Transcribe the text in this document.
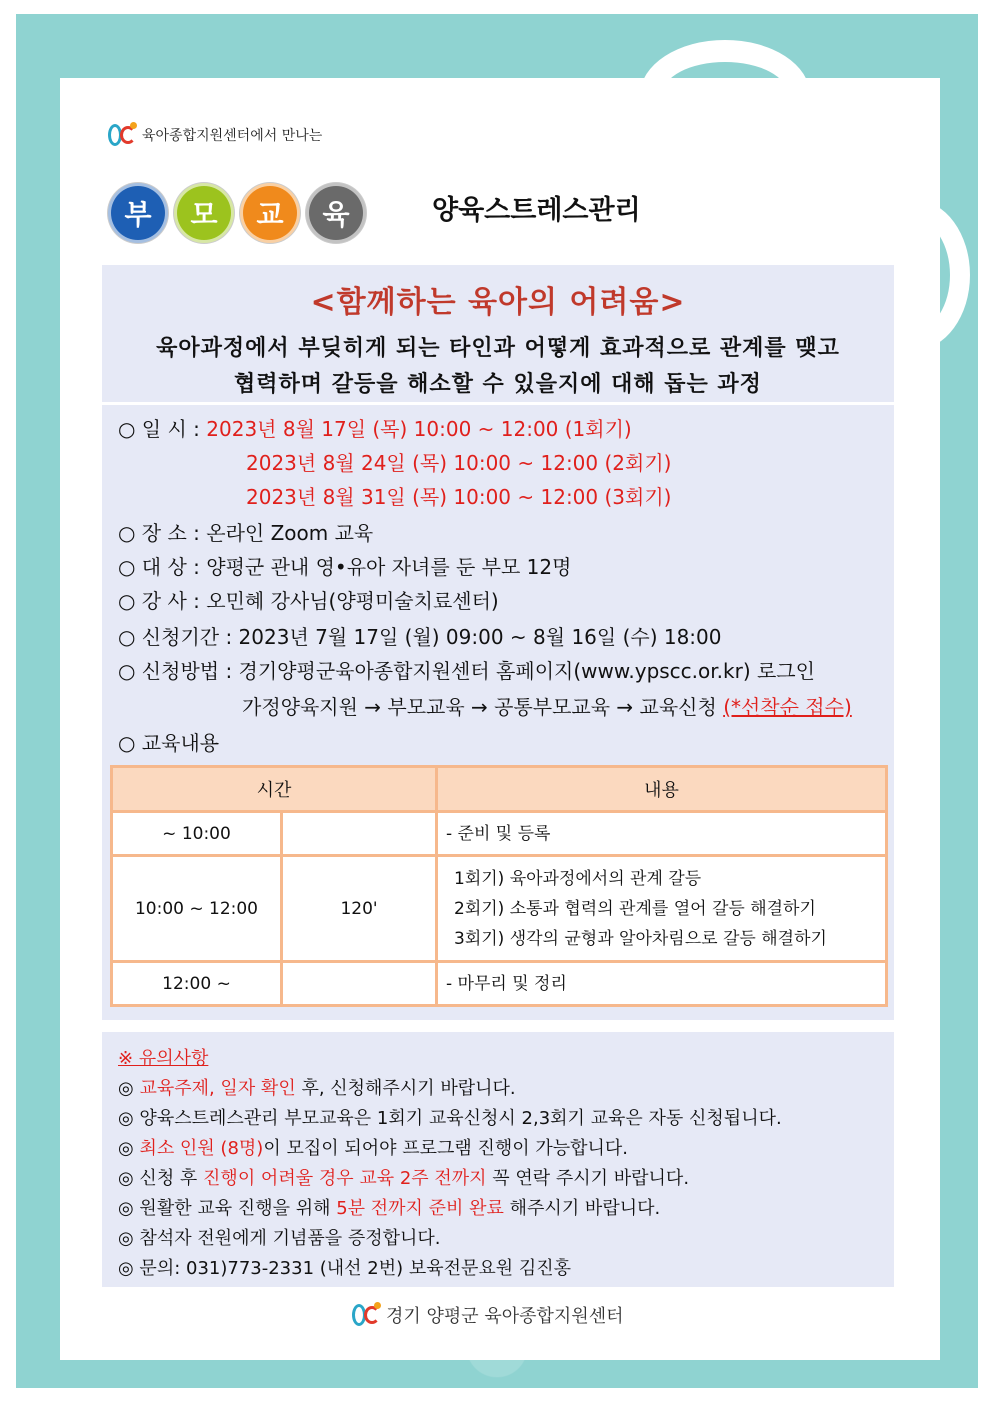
육아종합지원센터에서 만나는
부	모	교	육	양육스트레스관리
<함께하는 육아의 어려움>
육아과정에서 부딪히게 되는 타인과 어떻게 효과적으로 관계를 맺고
협력하며 갈등을 해소할 수 있을지에 대해 돕는 과정
○ 일 시 : 2023년 8월 17일 (목) 10:00 ~ 12:00 (1회기)
2023년 8월 24일 (목) 10:00 ~ 12:00 (2회기)
2023년 8월 31일 (목) 10:00 ~ 12:00 (3회기)
○ 장 소 : 온라인 Zoom 교육
○ 대 상 : 양평군 관내 영•유아 자녀를 둔 부모 12명
○ 강 사 : 오민혜 강사님(양평미술치료센터)
○ 신청기간 : 2023년 7월 17일 (월) 09:00 ~ 8월 16일 (수) 18:00
○ 신청방법 : 경기양평군육아종합지원센터 홈페이지(www.ypscc.or.kr) 로그인
가정양육지원 → 부모교육 → 공통부모교육 → 교육신청 (*선착순 접수)
○ 교육내용
시간		내용
~ 10:00		- 준비 및 등록
10:00 ~ 12:00	120'	1회기) 육아과정에서의 관계 갈등
2회기) 소통과 협력의 관계를 열어 갈등 해결하기
3회기) 생각의 균형과 알아차림으로 갈등 해결하기

12:00 ~		- 마무리 및 정리
※ 유의사항
◎ 교육주제, 일자 확인 후, 신청해주시기 바랍니다.
◎ 양육스트레스관리 부모교육은 1회기 교육신청시 2,3회기 교육은 자동 신청됩니다.
◎ 최소 인원 (8명)이 모집이 되어야 프로그램 진행이 가능합니다.
◎ 신청 후 진행이 어려울 경우 교육 2주 전까지 꼭 연락 주시기 바랍니다.
◎ 원활한 교육 진행을 위해 5분 전까지 준비 완료 해주시기 바랍니다.
◎ 참석자 전원에게 기념품을 증정합니다.
◎ 문의: 031)773-2331 (내선 2번) 보육전문요원 김진홍
경기 양평군 육아종합지원센터
